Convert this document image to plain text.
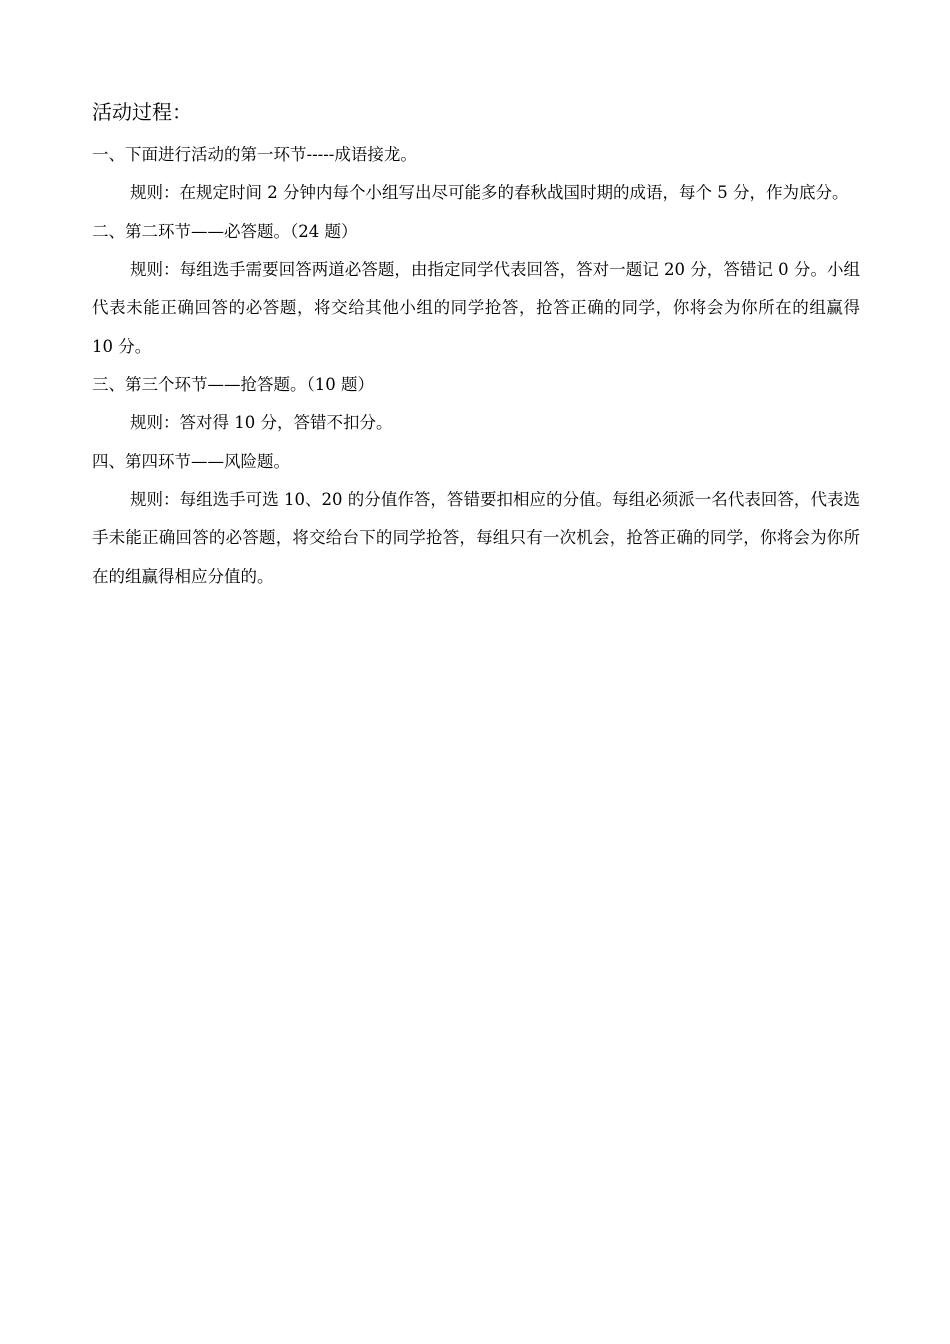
活动过程：

一、下面进行活动的第一环节-----成语接龙。

规则：在规定时间 2 分钟内每个小组写出尽可能多的春秋战国时期的成语，每个 5 分，作为底分。

二、第二环节——必答题。（24 题）

规则：每组选手需要回答两道必答题，由指定同学代表回答，答对一题记 20 分，答错记 0 分。小组代表未能正确回答的必答题，将交给其他小组的同学抢答，抢答正确的同学，你将会为你所在的组赢得 10 分。

三、第三个环节——抢答题。（10 题）

规则：答对得 10 分，答错不扣分。

四、第四环节——风险题。

规则：每组选手可选 10、20 的分值作答，答错要扣相应的分值。每组必须派一名代表回答，代表选手未能正确回答的必答题，将交给台下的同学抢答，每组只有一次机会，抢答正确的同学，你将会为你所在的组赢得相应分值的。
